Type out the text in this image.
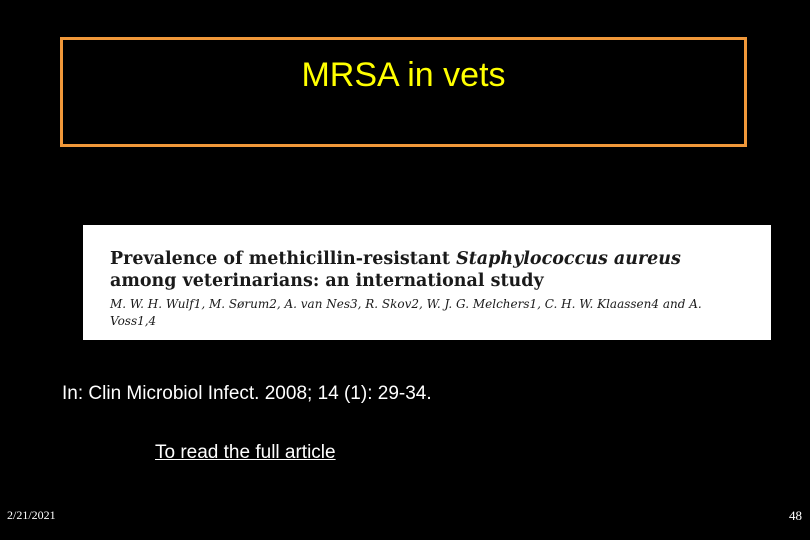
MRSA in vets
Prevalence of methicillin-resistant Staphylococcus aureus among veterinarians: an international study
M. W. H. Wulf1, M. Sørum2, A. van Nes3, R. Skov2, W. J. G. Melchers1, C. H. W. Klaassen4 and A. Voss1,4
In: Clin Microbiol Infect. 2008; 14 (1): 29-34.
To read the full article
2/21/2021	48
